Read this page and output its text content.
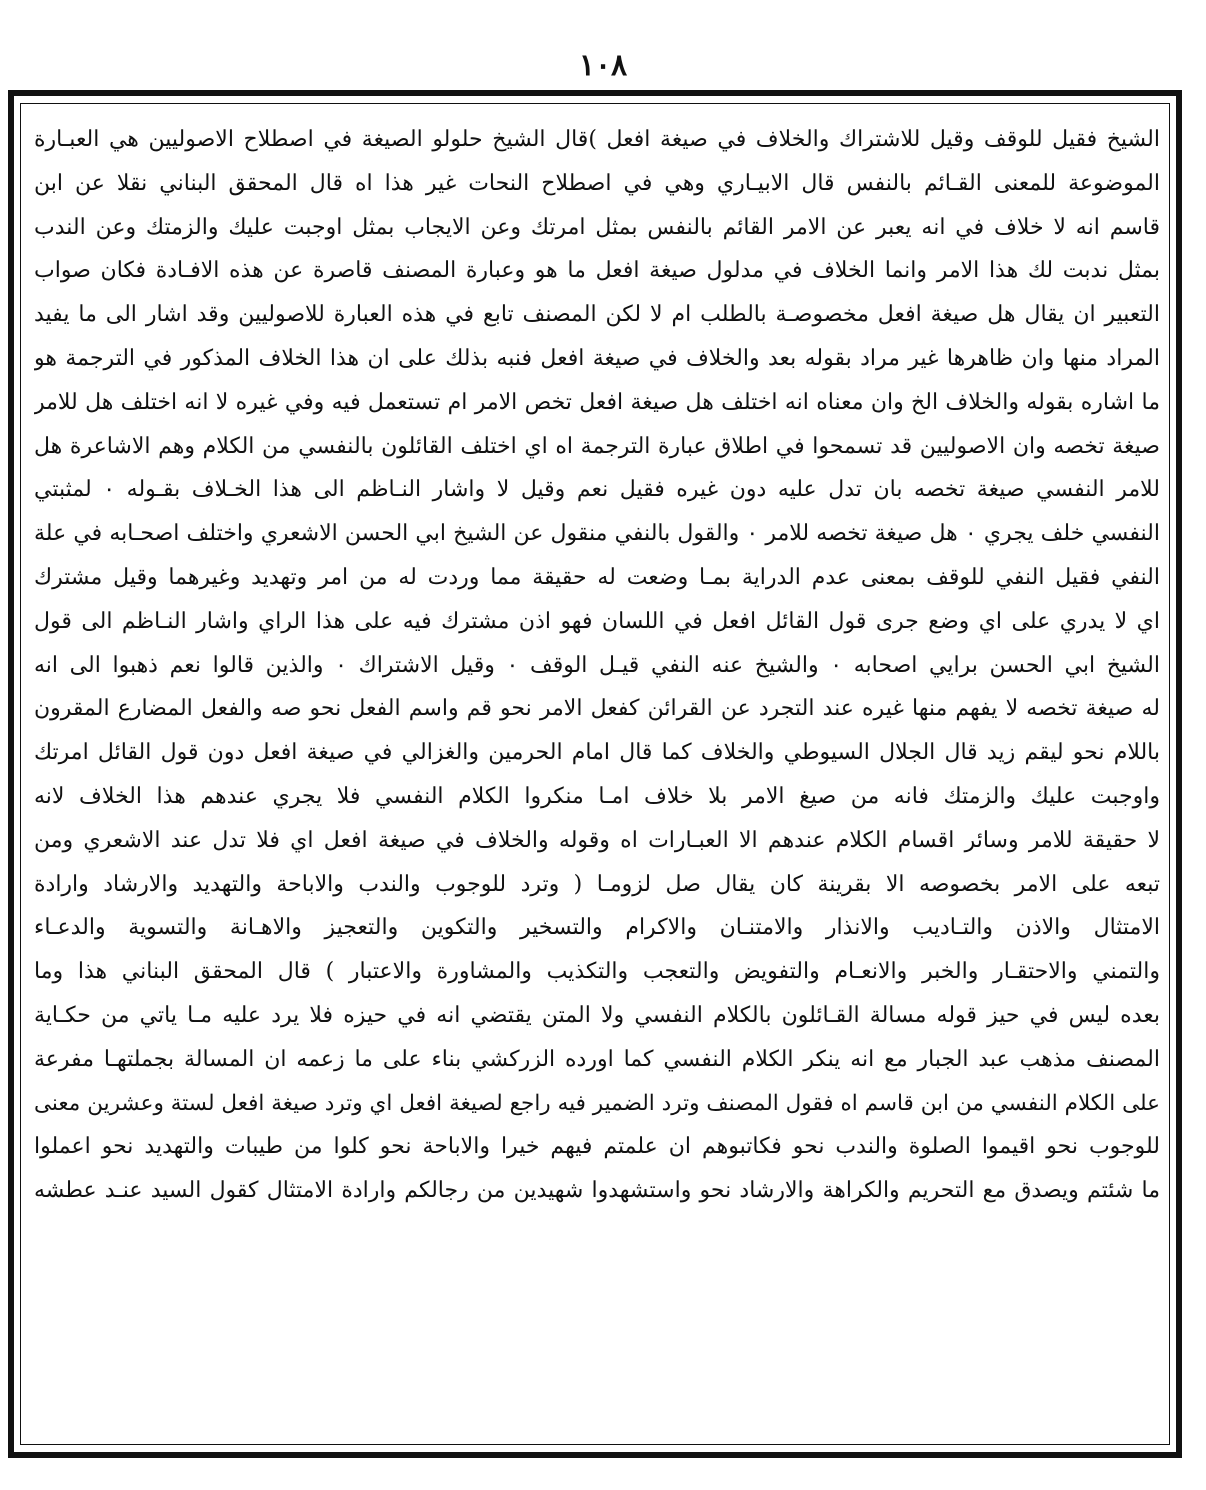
١٠٨
الشيخ فقيل للوقف وقيل للاشتراك والخلاف في صيغة افعل )قال الشيخ حلولو الصيغة في اصطلاح الاصوليين هي العبـارة
الموضوعة للمعنى القـائم بالنفس قال الابيـاري وهي في اصطلاح النحات غير هذا اه قال المحقق البناني نقلا عن ابن
قاسم انه لا خلاف في انه يعبر عن الامر القائم بالنفس بمثل امرتك وعن الايجاب بمثل اوجبت عليك والزمتك وعن الندب
بمثل ندبت لك هذا الامر وانما الخلاف في مدلول صيغة افعل ما هو وعبارة المصنف قاصرة عن هذه الافـادة فكان صواب
التعبير ان يقال هل صيغة افعل مخصوصـة بالطلب ام لا لكن المصنف تابع في هذه العبارة للاصوليين وقد اشار الى ما يفيد
المراد منها وان ظاهرها غير مراد بقوله بعد والخلاف في صيغة افعل فنبه بذلك على ان هذا الخلاف المذكور في الترجمة هو
ما اشاره بقوله والخلاف الخ وان معناه انه اختلف هل صيغة افعل تخص الامر ام تستعمل فيه وفي غيره لا انه اختلف هل للامر
صيغة تخصه وان الاصوليين قد تسمحوا في اطلاق عبارة الترجمة اه اي اختلف القائلون بالنفسي من الكلام وهم الاشاعرة هل
للامر النفسي صيغة تخصه بان تدل عليه دون غيره فقيل نعم وقيل لا واشار النـاظم الى هذا الخـلاف بقـوله ٠ لمثبتي
النفسي خلف يجري ٠ هل صيغة تخصه للامر ٠ والقول بالنفي منقول عن الشيخ ابي الحسن الاشعري واختلف اصحـابه في علة
النفي فقيل النفي للوقف بمعنى عدم الدراية بمـا وضعت له حقيقة مما وردت له من امر وتهديد وغيرهما وقيل مشترك
اي لا يدري على اي وضع جرى قول القائل افعل في اللسان فهو اذن مشترك فيه على هذا الراي واشار النـاظم الى قول
الشيخ ابي الحسن برايي اصحابه ٠ والشيخ عنه النفي قيـل الوقف ٠ وقيل الاشتراك ٠ والذين قالوا نعم ذهبوا الى انه
له صيغة تخصه لا يفهم منها غيره عند التجرد عن القرائن كفعل الامر نحو قم واسم الفعل نحو صه والفعل المضارع المقرون
باللام نحو ليقم زيد قال الجلال السيوطي والخلاف كما قال امام الحرمين والغزالي في صيغة افعل دون قول القائل امرتك
واوجبت عليك والزمتك فانه من صيغ الامر بلا خلاف امـا منكروا الكلام النفسي فلا يجري عندهم هذا الخلاف لانه
لا حقيقة للامر وسائر اقسام الكلام عندهم الا العبـارات اه وقوله والخلاف في صيغة افعل اي فلا تدل عند الاشعري ومن
تبعه على الامر بخصوصه الا بقرينة كان يقال صل لزومـا ( وترد للوجوب والندب والاباحة والتهديد والارشاد وارادة
الامتثال والاذن والتـاديب والانذار والامتنـان والاكرام والتسخير والتكوين والتعجيز والاهـانة والتسوية والدعـاء
والتمني والاحتقـار والخبر والانعـام والتفويض والتعجب والتكذيب والمشاورة والاعتبار ) قال المحقق البناني هذا وما
بعده ليس في حيز قوله مسالة القـائلون بالكلام النفسي ولا المتن يقتضي انه في حيزه فلا يرد عليه مـا ياتي من حكـاية
المصنف مذهب عبد الجبار مع انه ينكر الكلام النفسي كما اورده الزركشي بناء على ما زعمه ان المسالة بجملتهـا مفرعة
على الكلام النفسي من ابن قاسم اه فقول المصنف وترد الضمير فيه راجع لصيغة افعل اي وترد صيغة افعل لستة وعشرين معنى
للوجوب نحو اقيموا الصلوة والندب نحو فكاتبوهم ان علمتم فيهم خيرا والاباحة نحو كلوا من طيبات والتهديد نحو اعملوا
ما شئتم ويصدق مع التحريم والكراهة والارشاد نحو واستشهدوا شهيدين من رجالكم وارادة الامتثال كقول السيد عنـد عطشه
